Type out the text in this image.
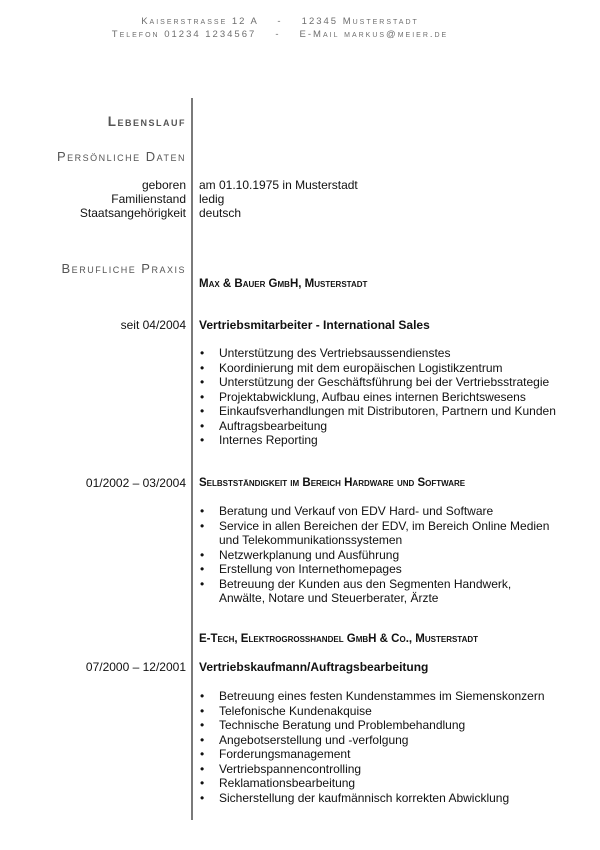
Kaiserstrasse 12 A - 12345 Musterstadt
Telefon 01234 1234567 - E-Mail markus@meier.de
Lebenslauf
Persönliche Daten
geboren am 01.10.1975 in Musterstadt
Familienstand ledig
Staatsangehörigkeit deutsch
Berufliche Praxis
Max & Bauer GmbH, Musterstadt
seit 04/2004 Vertriebsmitarbeiter - International Sales
• Unterstützung des Vertriebsaussendienstes
• Koordinierung mit dem europäischen Logistikzentrum
• Unterstützung der Geschäftsführung bei der Vertriebsstrategie
• Projektabwicklung, Aufbau eines internen Berichtswesens
• Einkaufsverhandlungen mit Distributoren, Partnern und Kunden
• Auftragsbearbeitung
• Internes Reporting
01/2002 – 03/2004 Selbstständigkeit im Bereich Hardware und Software
• Beratung und Verkauf von EDV Hard- und Software
• Service in allen Bereichen der EDV, im Bereich Online Medien und Telekommunikationssystemen
• Netzwerkplanung und Ausführung
• Erstellung von Internethomepages
• Betreuung der Kunden aus den Segmenten Handwerk, Anwälte, Notare und Steuerberater, Ärzte
E-Tech, Elektrogrosshandel GmbH & Co., Musterstadt
07/2000 – 12/2001 Vertriebskaufmann/Auftragsbearbeitung
• Betreuung eines festen Kundenstammes im Siemenskonzern
• Telefonische Kundenakquise
• Technische Beratung und Problembehandlung
• Angebotserstellung und -verfolgung
• Forderungsmanagement
• Vertriebspannencontrolling
• Reklamationsbearbeitung
• Sicherstellung der kaufmännisch korrekten Abwicklung
